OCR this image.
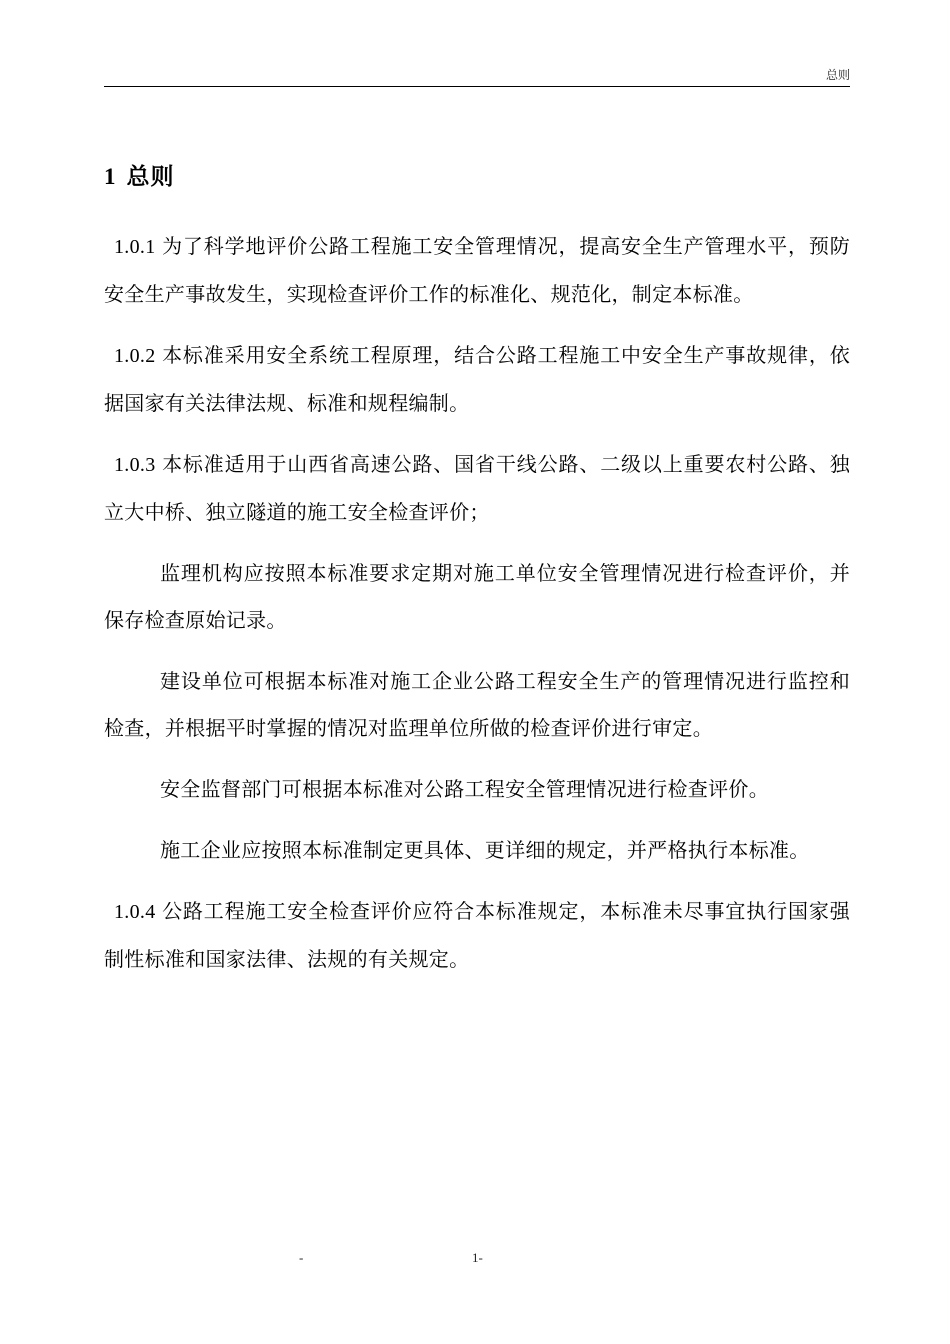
总则
1 总则

1.0.1 为了科学地评价公路工程施工安全管理情况，提高安全生产管理水平，预防安全生产事故发生，实现检查评价工作的标准化、规范化，制定本标准。

1.0.2 本标准采用安全系统工程原理，结合公路工程施工中安全生产事故规律，依据国家有关法律法规、标准和规程编制。

1.0.3 本标准适用于山西省高速公路、国省干线公路、二级以上重要农村公路、独立大中桥、独立隧道的施工安全检查评价；

监理机构应按照本标准要求定期对施工单位安全管理情况进行检查评价，并保存检查原始记录。

建设单位可根据本标准对施工企业公路工程安全生产的管理情况进行监控和检查，并根据平时掌握的情况对监理单位所做的检查评价进行审定。

安全监督部门可根据本标准对公路工程安全管理情况进行检查评价。

施工企业应按照本标准制定更具体、更详细的规定，并严格执行本标准。

1.0.4 公路工程施工安全检查评价应符合本标准规定，本标准未尽事宜执行国家强制性标准和国家法律、法规的有关规定。

-	1-
